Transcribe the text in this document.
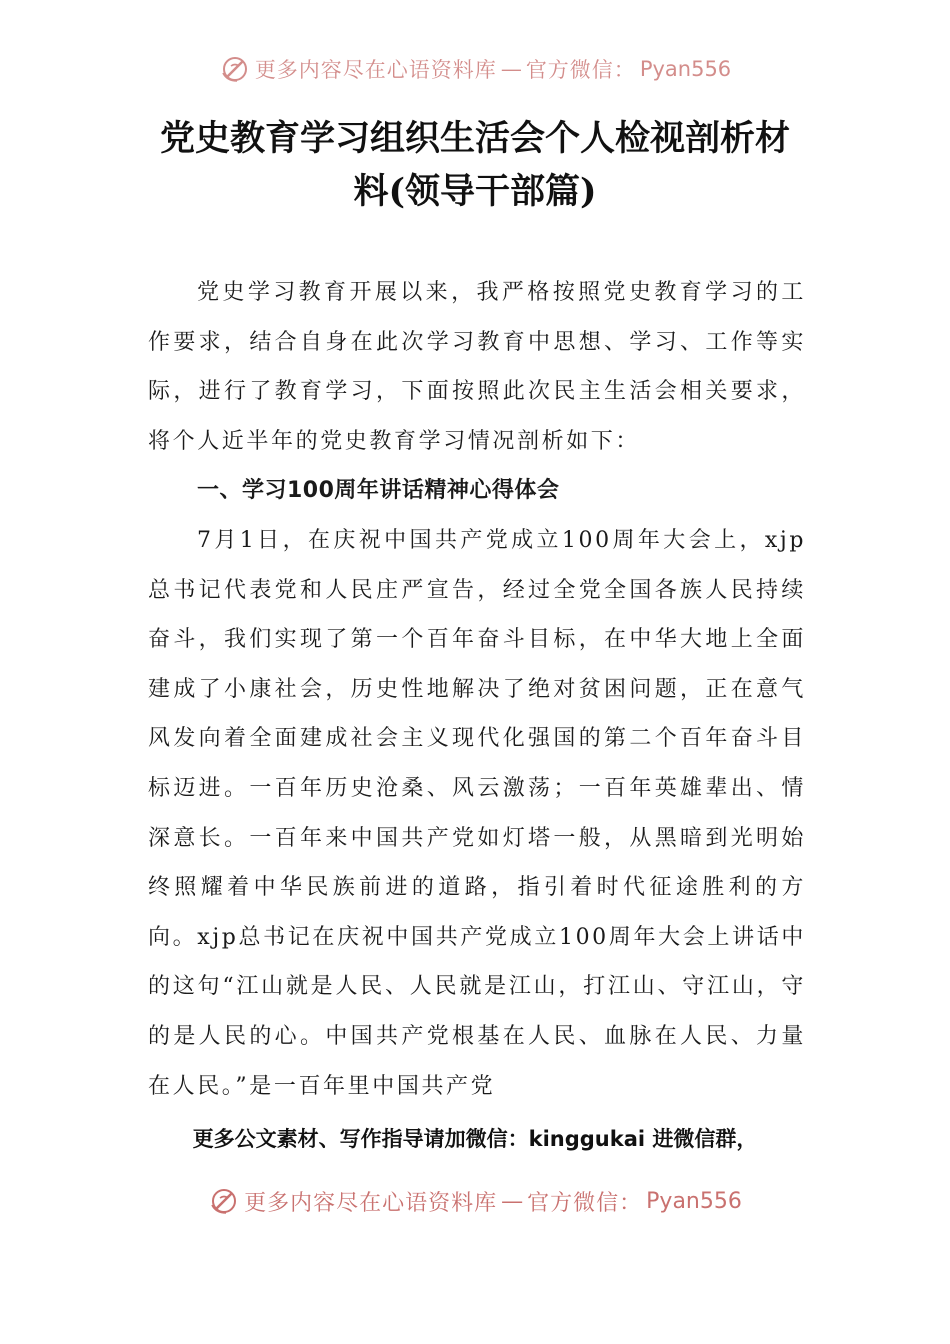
更多内容尽在心语资料库 — 官方微信： Pyan556
党史教育学习组织生活会个人检视剖析材
料(领导干部篇)

党史学习教育开展以来，我严格按照党史教育学习的工作要求，结合自身在此次学习教育中思想、学习、工作等实际，进行了教育学习，下面按照此次民主生活会相关要求，将个人近半年的党史教育学习情况剖析如下：

一、学习100周年讲话精神心得体会

7月1日，在庆祝中国共产党成立100周年大会上，xjp总书记代表党和人民庄严宣告，经过全党全国各族人民持续奋斗，我们实现了第一个百年奋斗目标，在中华大地上全面建成了小康社会，历史性地解决了绝对贫困问题，正在意气风发向着全面建成社会主义现代化强国的第二个百年奋斗目标迈进。一百年历史沧桑、风云激荡；一百年英雄辈出、情深意长。一百年来中国共产党如灯塔一般，从黑暗到光明始终照耀着中华民族前进的道路，指引着时代征途胜利的方向。xjp总书记在庆祝中国共产党成立100周年大会上讲话中的这句“江山就是人民、人民就是江山，打江山、守江山，守的是人民的心。中国共产党根基在人民、血脉在人民、力量在人民。”是一百年里中国共产党

更多公文素材、写作指导请加微信：kinggukai 进微信群，
更多内容尽在心语资料库 — 官方微信： Pyan556
